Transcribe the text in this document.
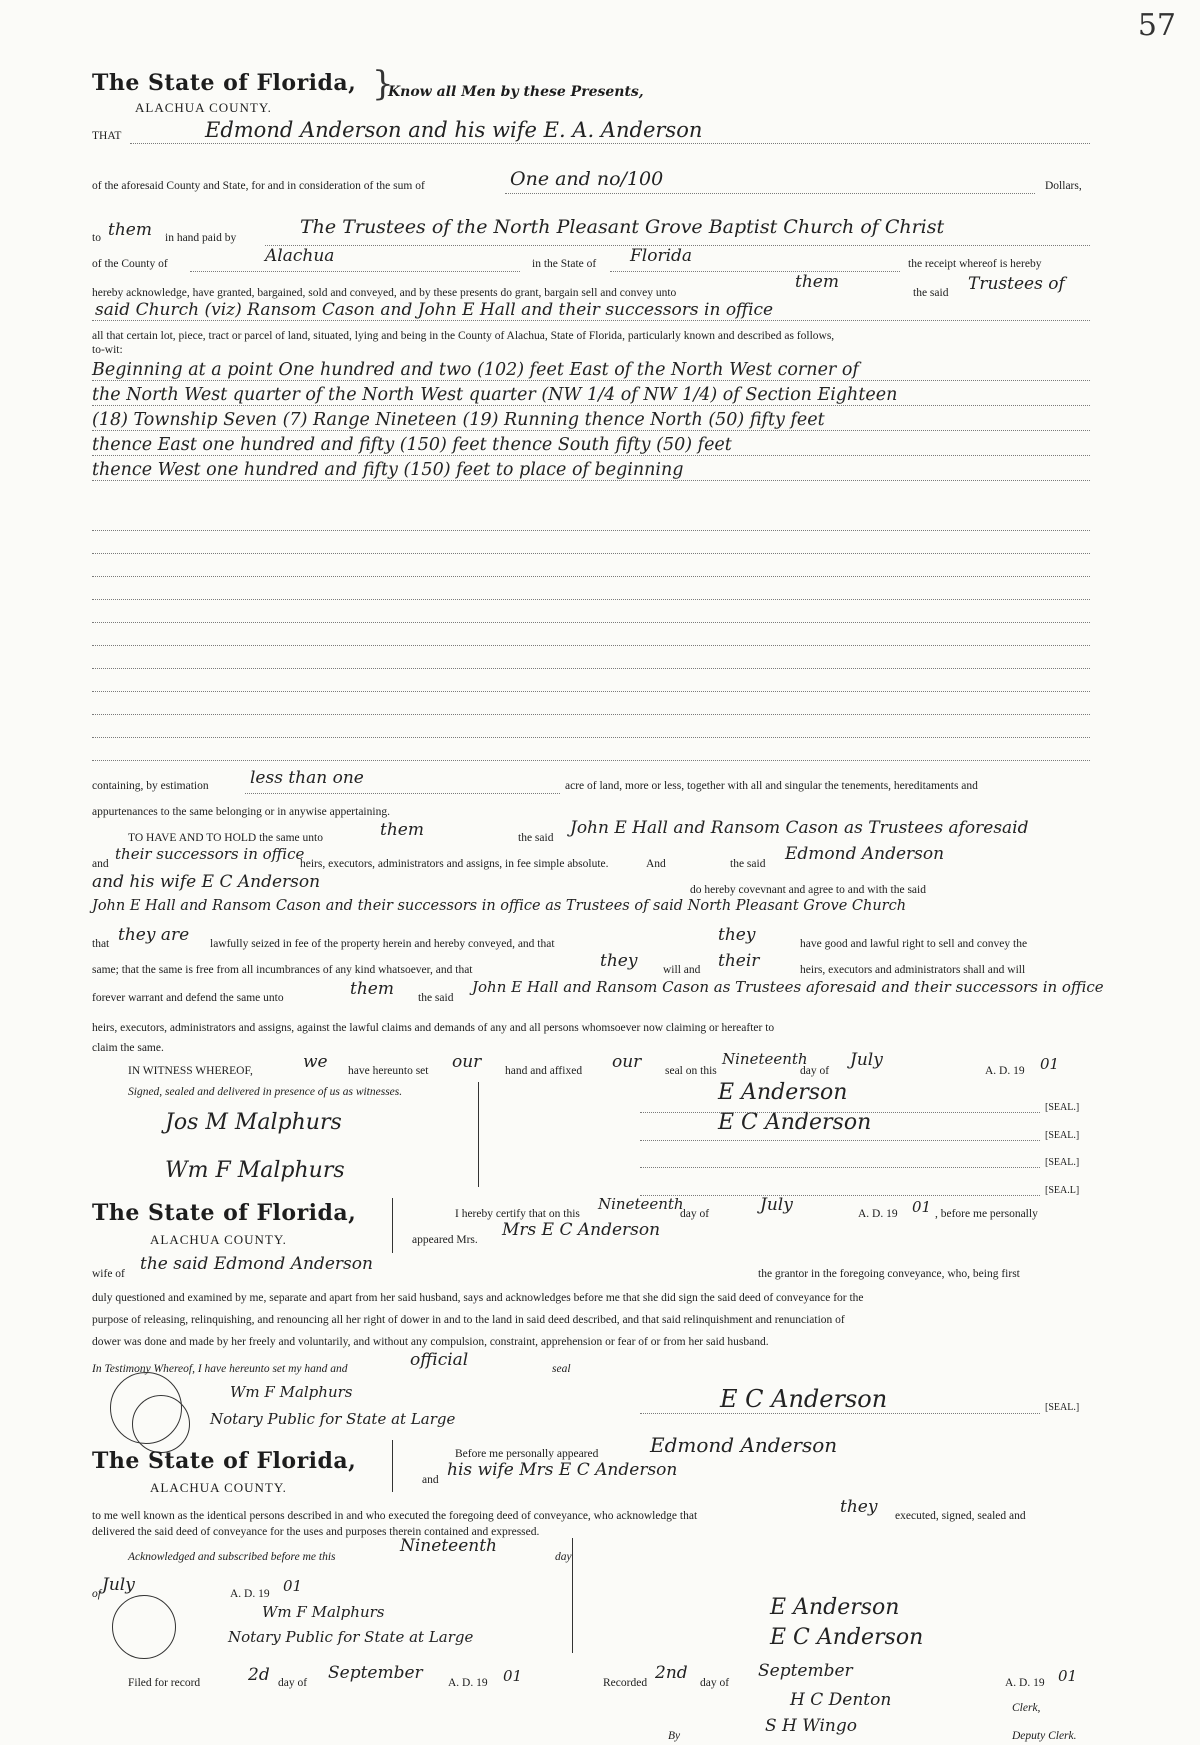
57
The State of Florida,
ALACHUA COUNTY.
}
Know all Men by these Presents,
THAT	Edmond Anderson and his wife E. A. Anderson
of the aforesaid County and State, for and in consideration of the sum of	One and no/100	Dollars,
to them in hand paid by	The Trustees of the North Pleasant Grove Baptist Church of Christ
of the County of	Alachua	in the State of Florida	the receipt whereof is hereby
hereby acknowledge, have granted, bargained, sold and conveyed, and by these presents do grant, bargain sell and convey unto
them
the said Trustees of
said Church (viz) Ransom Cason and John E Hall and their successors in office
all that certain lot, piece, tract or parcel of land, situated, lying and being in the County of Alachua, State of Florida, particularly known and described as follows,
to-wit:
Beginning at a point One hundred and two (102) feet East of the North West corner of
the North West quarter of the North West quarter (NW 1/4 of NW 1/4) of Section Eighteen
(18) Township Seven (7) Range Nineteen (19) Running thence North (50) fifty feet
thence East one hundred and fifty (150) feet thence South fifty (50) feet
thence West one hundred and fifty (150) feet to place of beginning
containing, by estimation less than one	acre of land, more or less, together with all and singular the tenements, hereditaments and
appurtenances to the same belonging or in anywise appertaining.
TO HAVE AND TO HOLD the same unto	them	the said John E Hall and Ransom Cason as Trustees aforesaid
and
their successors in office
heirs, executors, administrators and assigns, in fee simple absolute.	And	the said Edmond Anderson
and his wife E C Anderson	do hereby covevnant and agree to and with the said
John E Hall and Ransom Cason and their successors in office as Trustees of said North Pleasant Grove Church
that they are lawfully seized in fee of the property herein and hereby conveyed, and that	they	have good and lawful right to sell and convey the
same; that the same is free from all incumbrances of any kind whatsoever, and that	they will and their	heirs, executors and administrators shall and will
forever warrant and defend the same unto	them the said
John E Hall and Ransom Cason as Trustees aforesaid and their successors in office
heirs, executors, administrators and assigns, against the lawful claims and demands of any and all persons whomsoever now claiming or hereafter to
claim the same.
IN WITNESS WHEREOF,	we have hereunto set our hand and affixed our seal on this
Nineteenth
day of
July
A. D. 19 01
Signed, sealed and delivered in presence of us as witnesses.
Jos M Malphurs
Wm F Malphurs
E Anderson
E C Anderson
[SEAL.]
[SEAL.]
[SEAL.]
[SEA.L]
The State of Florida,
ALACHUA COUNTY.
I hereby certify that on this
Nineteenth
day of	July	A. D. 19 01 , before me personally
appeared Mrs. Mrs E C Anderson
wife of the said Edmond Anderson	the grantor in the foregoing conveyance, who, being first
duly questioned and examined by me, separate and apart from her said husband, says and acknowledges before me that she did sign the said deed of conveyance for the
purpose of releasing, relinquishing, and renouncing all her right of dower in and to the land in said deed described, and that said relinquishment and renunciation of
dower was done and made by her freely and voluntarily, and without any compulsion, constraint, apprehension or fear of or from her said husband.
In Testimony Whereof, I have hereunto set my hand and	official	seal
Wm F Malphurs
Notary Public for State at Large
E C Anderson	[SEAL.]
The State of Florida,
ALACHUA COUNTY.
Before me personally appeared	Edmond Anderson
and his wife Mrs E C Anderson
to me well known as the identical persons described in and who executed the foregoing deed of conveyance, who acknowledge that	they executed, signed, sealed and
delivered the said deed of conveyance for the uses and purposes therein contained and expressed.
Acknowledged and subscribed before me this
Nineteenth
day
of July	A. D. 19 01
Wm F Malphurs
Notary Public for State at Large
E Anderson
E C Anderson
Filed for record	2d day of September A. D. 19 01	Recorded 2nd day of
September
A. D. 19 01
H C Denton	Clerk,
By	S H Wingo	Deputy Clerk.
